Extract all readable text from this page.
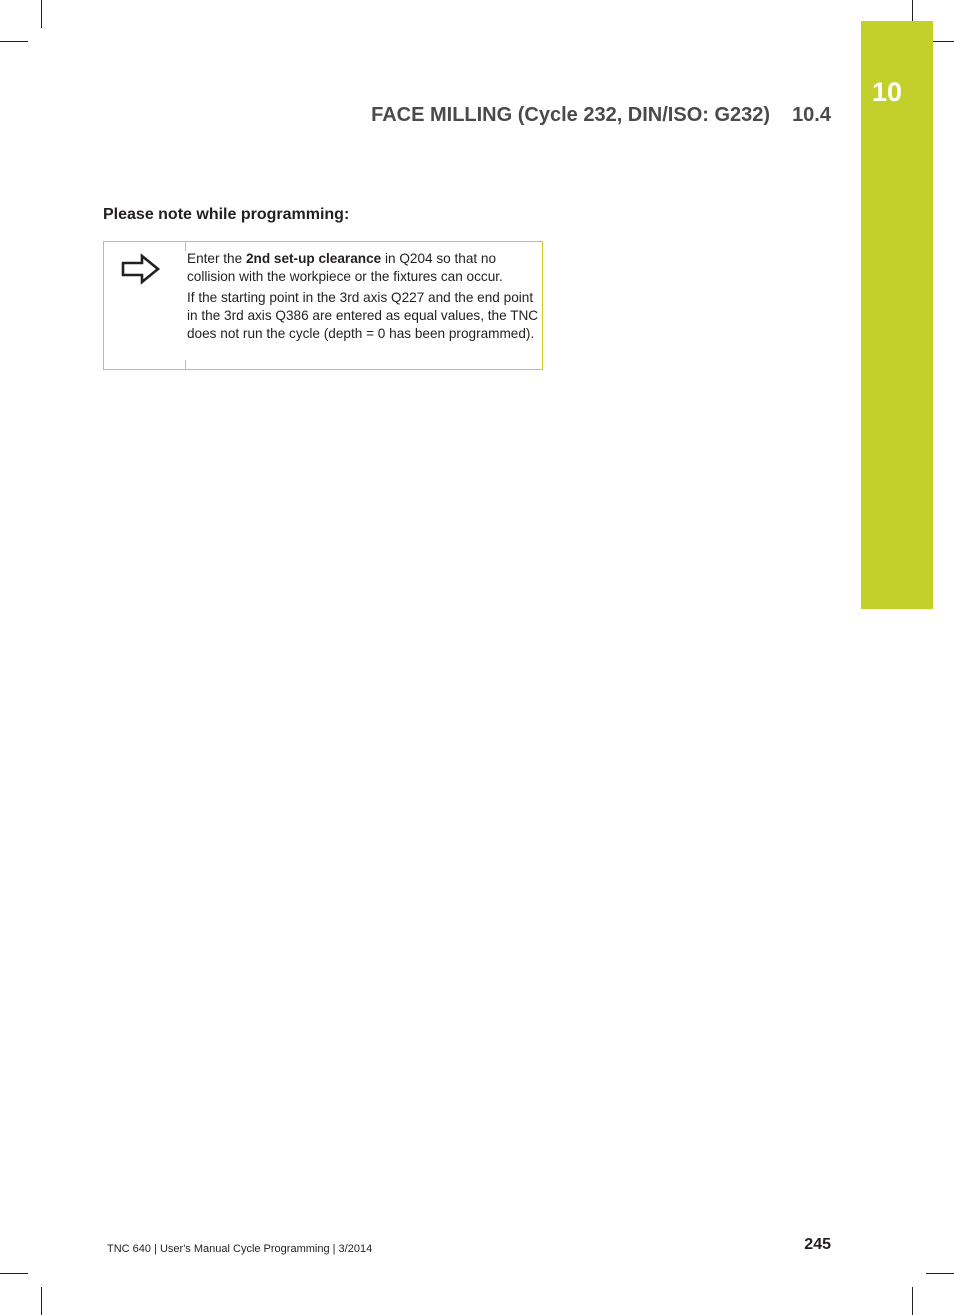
10
FACE MILLING (Cycle 232, DIN/ISO: G232) 10.4
Please note while programming:

Enter the 2nd set-up clearance in Q204 so that no collision with the workpiece or the fixtures can occur.

If the starting point in the 3rd axis Q227 and the end point in the 3rd axis Q386 are entered as equal values, the TNC does not run the cycle (depth = 0 has been programmed).

TNC 640 | User's Manual Cycle Programming | 3/2014	245
